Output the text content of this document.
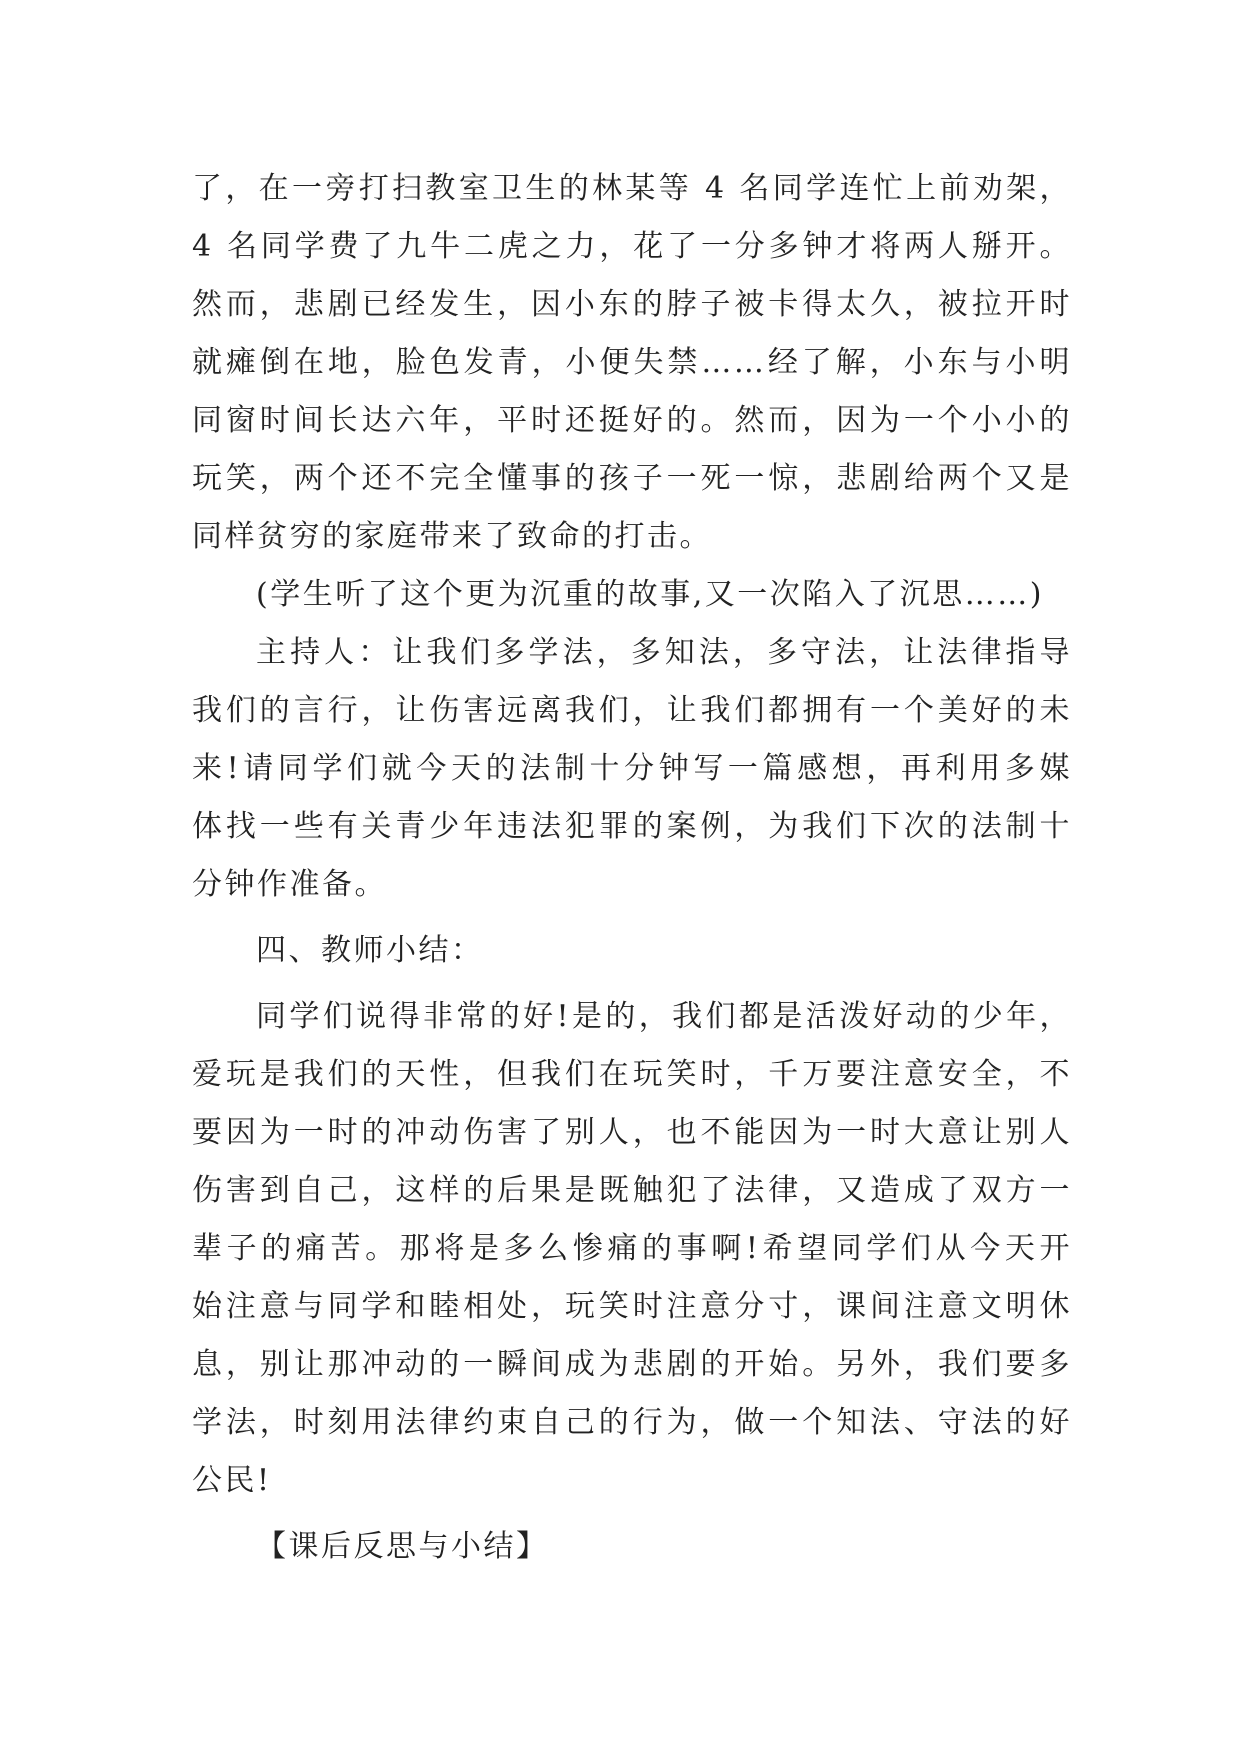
了，在一旁打扫教室卫生的林某等 4 名同学连忙上前劝架，
4 名同学费了九牛二虎之力，花了一分多钟才将两人掰开。
然而，悲剧已经发生，因小东的脖子被卡得太久，被拉开时
就瘫倒在地，脸色发青，小便失禁……经了解，小东与小明
同窗时间长达六年，平时还挺好的。然而，因为一个小小的
玩笑，两个还不完全懂事的孩子一死一惊，悲剧给两个又是
同样贫穷的家庭带来了致命的打击。
(学生听了这个更为沉重的故事,又一次陷入了沉思……)
主持人：让我们多学法，多知法，多守法，让法律指导
我们的言行，让伤害远离我们，让我们都拥有一个美好的未
来!请同学们就今天的法制十分钟写一篇感想，再利用多媒
体找一些有关青少年违法犯罪的案例，为我们下次的法制十
分钟作准备。
四、教师小结：
同学们说得非常的好!是的，我们都是活泼好动的少年，
爱玩是我们的天性，但我们在玩笑时，千万要注意安全，不
要因为一时的冲动伤害了别人，也不能因为一时大意让别人
伤害到自己，这样的后果是既触犯了法律，又造成了双方一
辈子的痛苦。那将是多么惨痛的事啊!希望同学们从今天开
始注意与同学和睦相处，玩笑时注意分寸，课间注意文明休
息，别让那冲动的一瞬间成为悲剧的开始。另外，我们要多
学法，时刻用法律约束自己的行为，做一个知法、守法的好
公民!
【课后反思与小结】
